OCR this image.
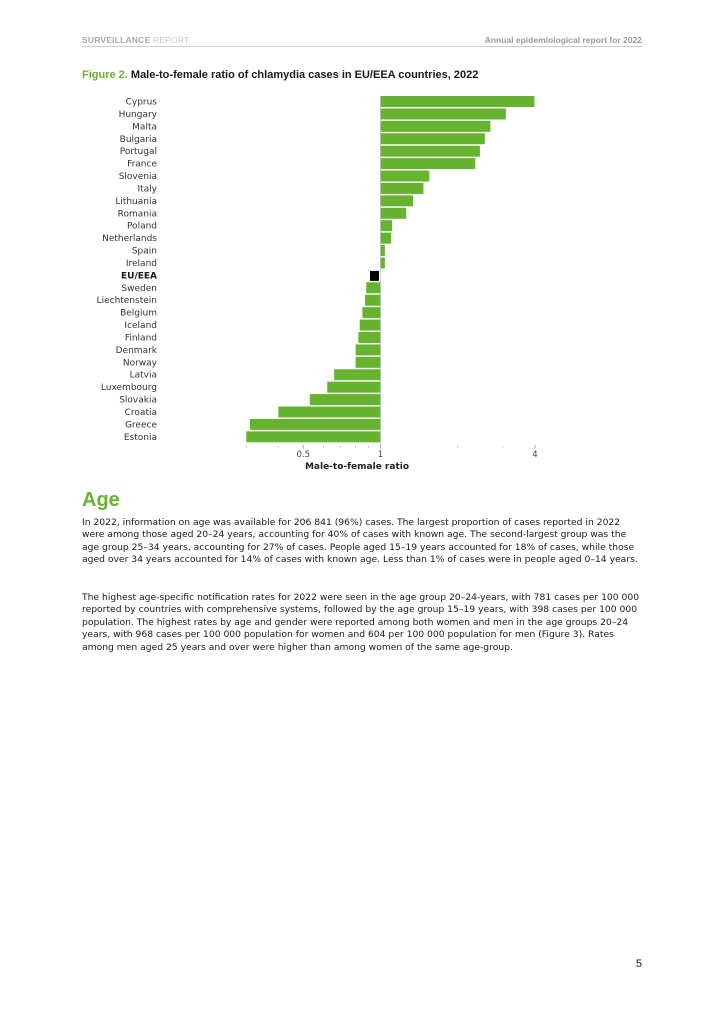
SURVEILLANCE REPORT	Annual epidemiological report for 2022
Figure 2. Male-to-female ratio of chlamydia cases in EU/EEA countries, 2022
Cyprus
Hungary
Malta
Bulgaria
Portugal
France
Slovenia
Italy
Lithuania
Romania
Poland
Netherlands
Spain
Ireland
EU/EEA
Sweden
Liechtenstein
Belgium
Iceland
Finland
Denmark
Norway
Latvia
Luxembourg
Slovakia
Croatia
Greece
Estonia
0.5	1	4
Male-to-female ratio
Age

In 2022, information on age was available for 206 841 (96%) cases. The largest proportion of cases reported in 2022 were among those aged 20–24 years, accounting for 40% of cases with known age. The second-largest group was the age group 25–34 years, accounting for 27% of cases. People aged 15–19 years accounted for 18% of cases, while those aged over 34 years accounted for 14% of cases with known age. Less than 1% of cases were in people aged 0–14 years.

The highest age-specific notification rates for 2022 were seen in the age group 20–24-years, with 781 cases per 100 000 reported by countries with comprehensive systems, followed by the age group 15–19 years, with 398 cases per 100 000 population. The highest rates by age and gender were reported among both women and men in the age groups 20–24 years, with 968 cases per 100 000 population for women and 604 per 100 000 population for men (Figure 3). Rates among men aged 25 years and over were higher than among women of the same age-group.

5
